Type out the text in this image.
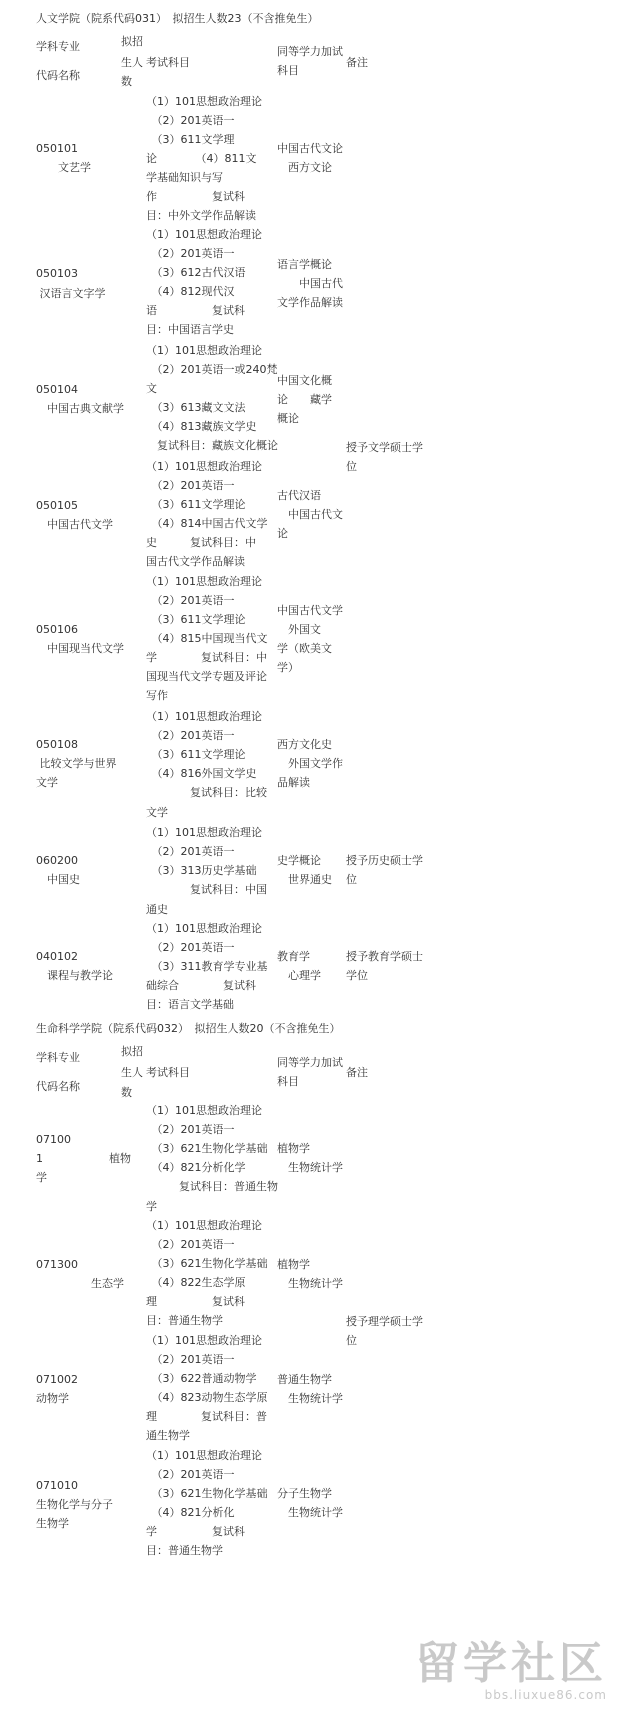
人文学院（院系代码031）　拟招生人数23（不含推免生）
学科专业
代码名称
拟招
生人
数
考试科目
同等学力加试
科目
备注
050101
　　文艺学
（1）101思想政治理论
　（2）201英语一
　（3）611文学理
论　　　　（4）811文
学基础知识与写
作　　　　　复试科
目：中外文学作品解读
中国古代文论
　西方文论
050103
汉语言文字学
（1）101思想政治理论
　（2）201英语一
　（3）612古代汉语
　（4）812现代汉
语　　　　　复试科
目：中国语言学史
语言学概论
　　中国古代
文学作品解读
050104
　中国古典文献学
（1）101思想政治理论
　（2）201英语一或240梵
文
　（3）613藏文文法
　（4）813藏族文学史
　复试科目：藏族文化概论
中国文化概
论　　藏学
概论
授予文学硕士学
位
050105
　中国古代文学
（1）101思想政治理论
　（2）201英语一
　（3）611文学理论
　（4）814中国古代文学
史　　　复试科目：中
国古代文学作品解读
古代汉语
　中国古代文
论
050106
　中国现当代文学
（1）101思想政治理论
　（2）201英语一
　（3）611文学理论
　（4）815中国现当代文
学　　　　复试科目：中
国现当代文学专题及评论
写作
中国古代文学
　外国文
学（欧美文
学）
050108
比较文学与世界
文学
（1）101思想政治理论
　（2）201英语一
　（3）611文学理论
　（4）816外国文学史
　　　　复试科目：比较
文学
西方文化史
　外国文学作
品解读
060200
　中国史
（1）101思想政治理论
　（2）201英语一
　（3）313历史学基础
　　　　复试科目：中国
通史
史学概论
　世界通史
授予历史硕士学
位
040102
　课程与教学论
（1）101思想政治理论
　（2）201英语一
　（3）311教育学专业基
础综合　　　　复试科
目：语言文学基础
教育学
　心理学
授予教育学硕士
学位
生命科学学院（院系代码032）　拟招生人数20（不含推免生）
学科专业
代码名称
拟招
生人
数
考试科目
同等学力加试
科目
备注
07100
1　　　　　　植物
学
（1）101思想政治理论
　（2）201英语一
　（3）621生物化学基础
　（4）821分析化学
　　　复试科目：普通生物
学
植物学
　生物统计学
071300
　　　　　生态学
（1）101思想政治理论
　（2）201英语一
　（3）621生物化学基础
　（4）822生态学原
理　　　　　复试科
目：普通生物学
植物学
　生物统计学
071002
动物学
（1）101思想政治理论
　（2）201英语一
　（3）622普通动物学
　（4）823动物生态学原
理　　　　复试科目：普
通生物学
普通生物学
　生物统计学
授予理学硕士学
位
071010
生物化学与分子
生物学
（1）101思想政治理论
　（2）201英语一
　（3）621生物化学基础
　（4）821分析化
学　　　　　复试科
目：普通生物学
分子生物学
　生物统计学
留学社区
bbs.liuxue86.com
